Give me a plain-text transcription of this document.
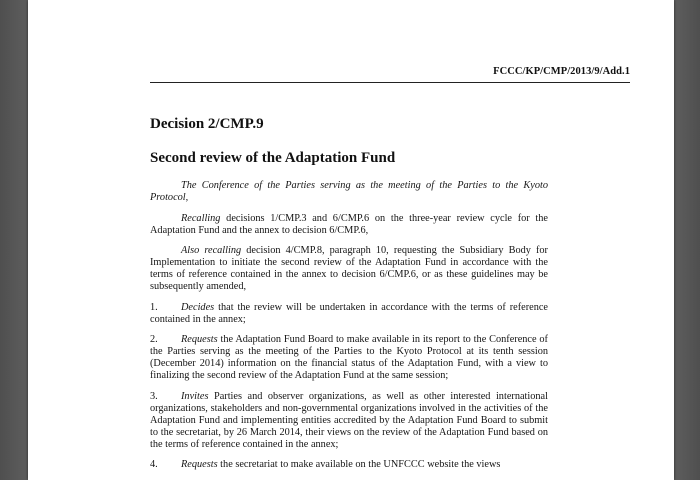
FCCC/KP/CMP/2013/9/Add.1
Decision 2/CMP.9
Second review of the Adaptation Fund

The Conference of the Parties serving as the meeting of the Parties to the Kyoto Protocol,

Recalling decisions 1/CMP.3 and 6/CMP.6 on the three-year review cycle for the Adaptation Fund and the annex to decision 6/CMP.6,

Also recalling decision 4/CMP.8, paragraph 10, requesting the Subsidiary Body for Implementation to initiate the second review of the Adaptation Fund in accordance with the terms of reference contained in the annex to decision 6/CMP.6, or as these guidelines may be subsequently amended,

1. Decides that the review will be undertaken in accordance with the terms of reference contained in the annex;

2. Requests the Adaptation Fund Board to make available in its report to the Conference of the Parties serving as the meeting of the Parties to the Kyoto Protocol at its tenth session (December 2014) information on the financial status of the Adaptation Fund, with a view to finalizing the second review of the Adaptation Fund at the same session;

3. Invites Parties and observer organizations, as well as other interested international organizations, stakeholders and non-governmental organizations involved in the activities of the Adaptation Fund and implementing entities accredited by the Adaptation Fund Board to submit to the secretariat, by 26 March 2014, their views on the review of the Adaptation Fund based on the terms of reference contained in the annex;

4. Requests the secretariat to make available on the UNFCCC website the views
